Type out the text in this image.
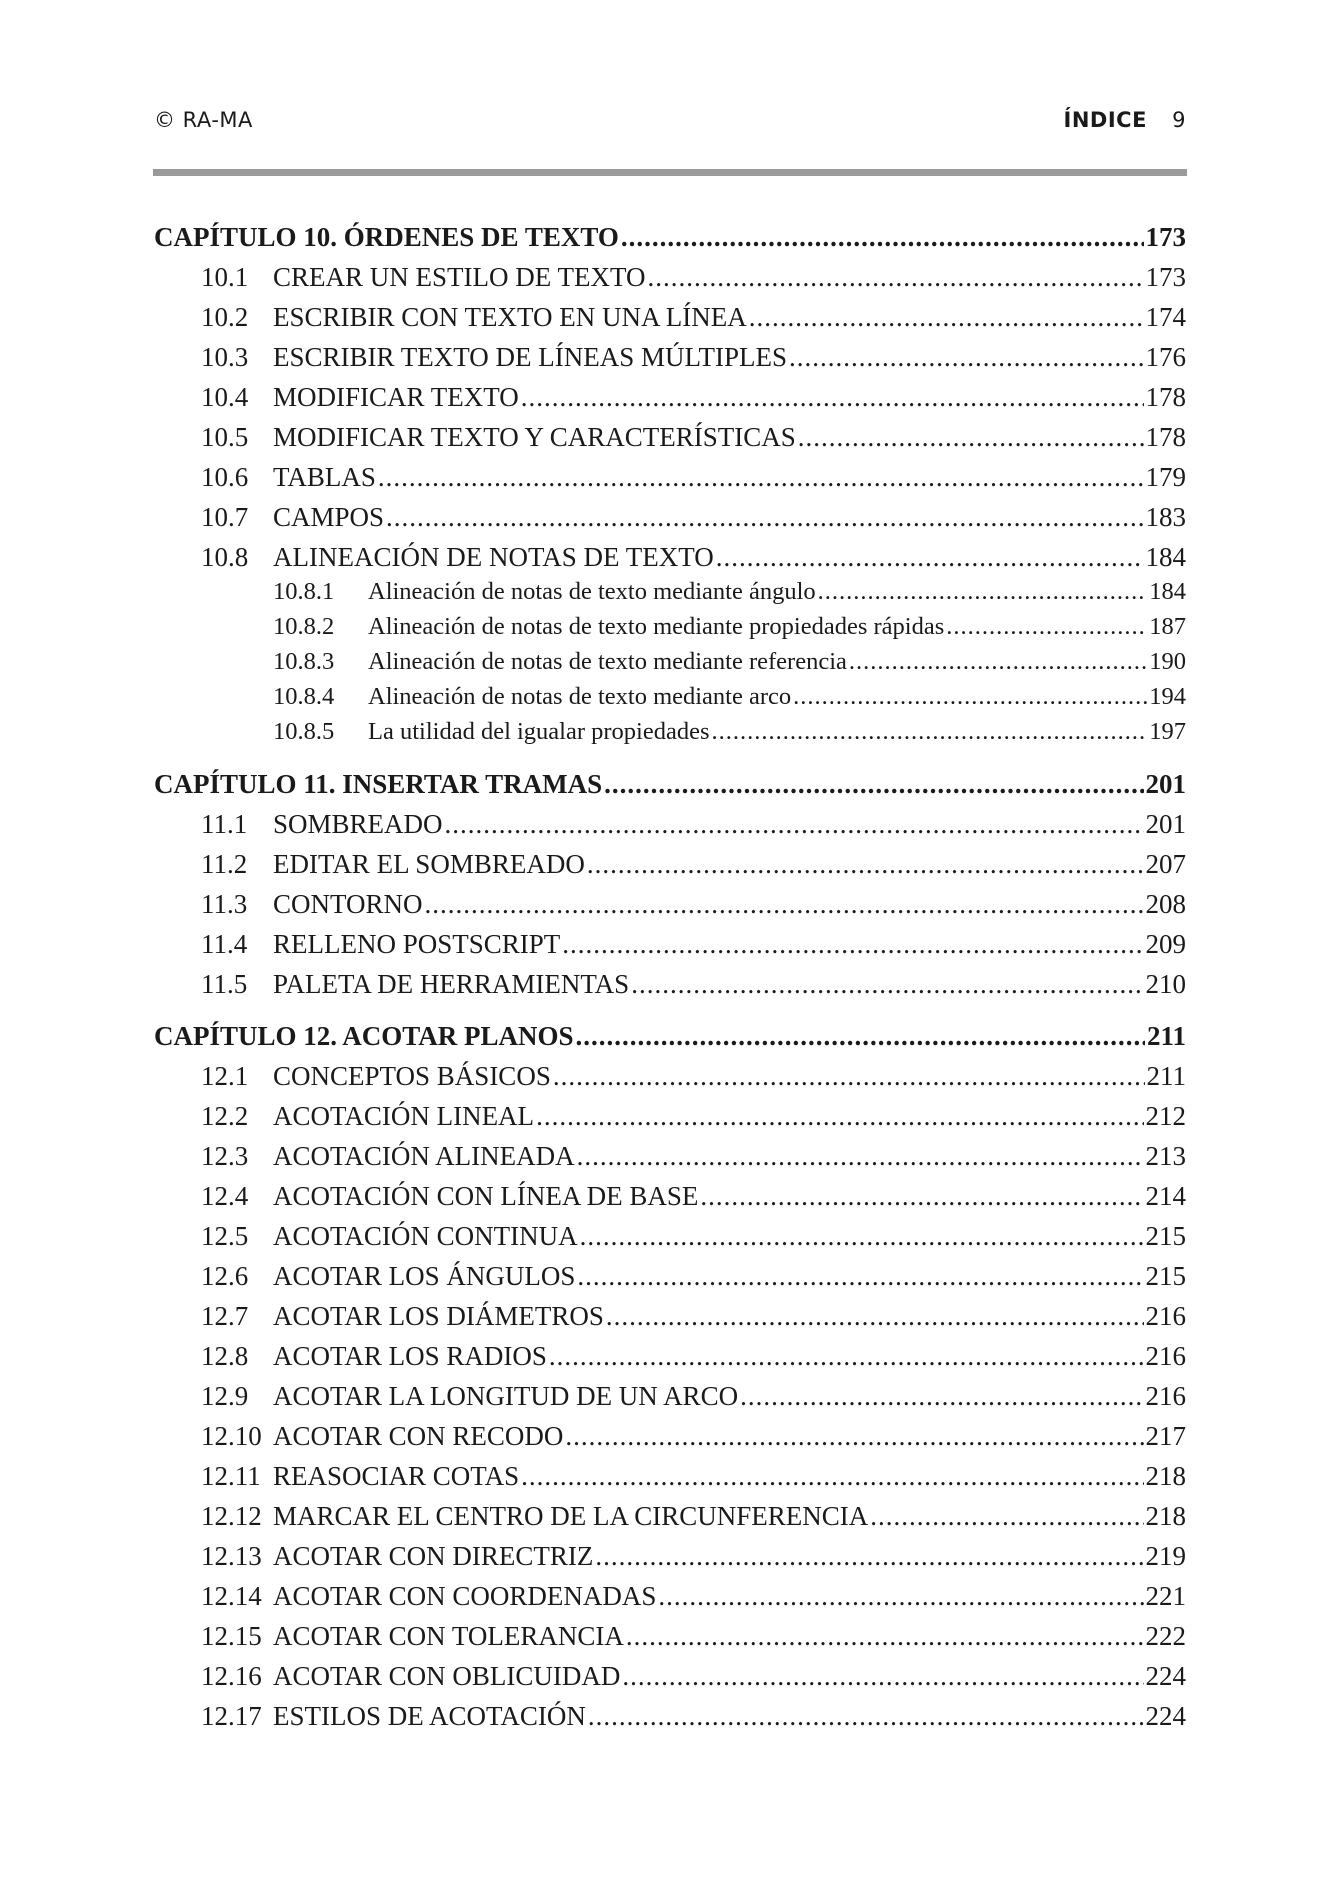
© RA-MA	ÍNDICE 9
CAPÍTULO 10. ÓRDENES DE TEXTO .....	173
10.1 CREAR UN ESTILO DE TEXTO .....	173
10.2 ESCRIBIR CON TEXTO EN UNA LÍNEA .....	174
10.3 ESCRIBIR TEXTO DE LÍNEAS MÚLTIPLES .....	176
10.4 MODIFICAR TEXTO .....	178
10.5 MODIFICAR TEXTO Y CARACTERÍSTICAS .....	178
10.6 TABLAS .....	179
10.7 CAMPOS .....	183
10.8 ALINEACIÓN DE NOTAS DE TEXTO .....	184
10.8.1	Alineación de notas de texto mediante ángulo .....	184
10.8.2	Alineación de notas de texto mediante propiedades rápidas .....	187
10.8.3	Alineación de notas de texto mediante referencia .....	190
10.8.4	Alineación de notas de texto mediante arco .....	194
10.8.5	La utilidad del igualar propiedades .....	197
CAPÍTULO 11. INSERTAR TRAMAS .....	201
11.1 SOMBREADO .....	201
11.2 EDITAR EL SOMBREADO .....	207
11.3 CONTORNO .....	208
11.4 RELLENO POSTSCRIPT .....	209
11.5 PALETA DE HERRAMIENTAS .....	210
CAPÍTULO 12. ACOTAR PLANOS .....	211
12.1 CONCEPTOS BÁSICOS .....	211
12.2 ACOTACIÓN LINEAL .....	212
12.3 ACOTACIÓN ALINEADA .....	213
12.4 ACOTACIÓN CON LÍNEA DE BASE .....	214
12.5 ACOTACIÓN CONTINUA .....	215
12.6 ACOTAR LOS ÁNGULOS .....	215
12.7 ACOTAR LOS DIÁMETROS .....	216
12.8 ACOTAR LOS RADIOS .....	216
12.9 ACOTAR LA LONGITUD DE UN ARCO .....	216
12.10 ACOTAR CON RECODO .....	217
12.11 REASOCIAR COTAS .....	218
12.12 MARCAR EL CENTRO DE LA CIRCUNFERENCIA .....	218
12.13 ACOTAR CON DIRECTRIZ .....	219
12.14 ACOTAR CON COORDENADAS .....	221
12.15 ACOTAR CON TOLERANCIA .....	222
12.16 ACOTAR CON OBLICUIDAD .....	224
12.17 ESTILOS DE ACOTACIÓN .....	224
